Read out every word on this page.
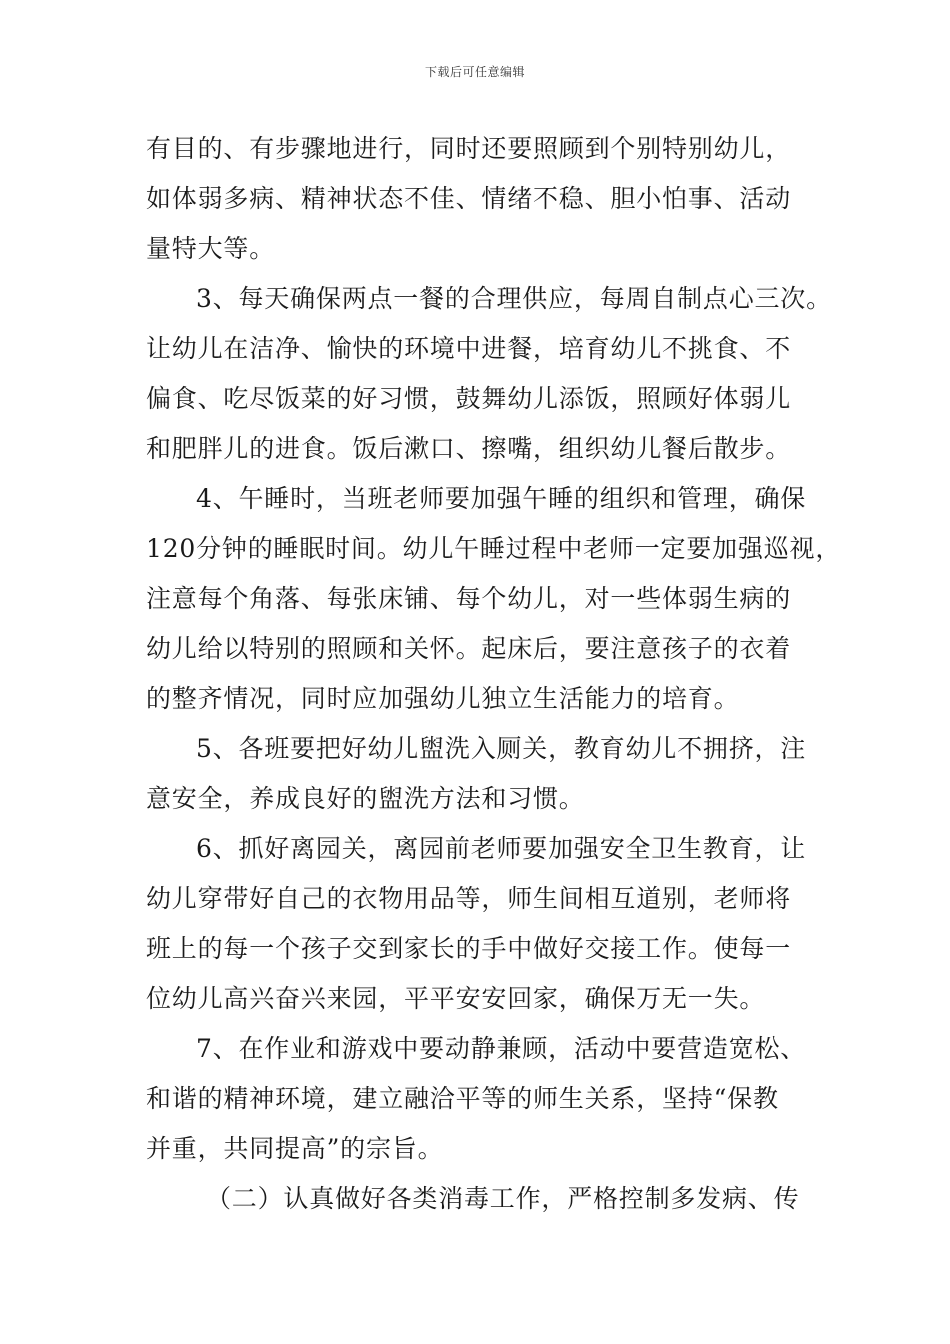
下载后可任意编辑
有目的、有步骤地进行，同时还要照顾到个别特别幼儿，
如体弱多病、精神状态不佳、情绪不稳、胆小怕事、活动
量特大等。
3、每天确保两点一餐的合理供应，每周自制点心三次。
让幼儿在洁净、愉快的环境中进餐，培育幼儿不挑食、不
偏食、吃尽饭菜的好习惯，鼓舞幼儿添饭，照顾好体弱儿
和肥胖儿的进食。饭后漱口、擦嘴，组织幼儿餐后散步。
4、午睡时，当班老师要加强午睡的组织和管理，确保
120分钟的睡眠时间。幼儿午睡过程中老师一定要加强巡视，
注意每个角落、每张床铺、每个幼儿，对一些体弱生病的
幼儿给以特别的照顾和关怀。起床后，要注意孩子的衣着
的整齐情况，同时应加强幼儿独立生活能力的培育。
5、各班要把好幼儿盥洗入厕关，教育幼儿不拥挤，注
意安全，养成良好的盥洗方法和习惯。
6、抓好离园关，离园前老师要加强安全卫生教育，让
幼儿穿带好自己的衣物用品等，师生间相互道别，老师将
班上的每一个孩子交到家长的手中做好交接工作。使每一
位幼儿高兴奋兴来园，平平安安回家，确保万无一失。
7、在作业和游戏中要动静兼顾，活动中要营造宽松、
和谐的精神环境，建立融洽平等的师生关系，坚持“保教
并重，共同提高”的宗旨。
（二）认真做好各类消毒工作，严格控制多发病、传
